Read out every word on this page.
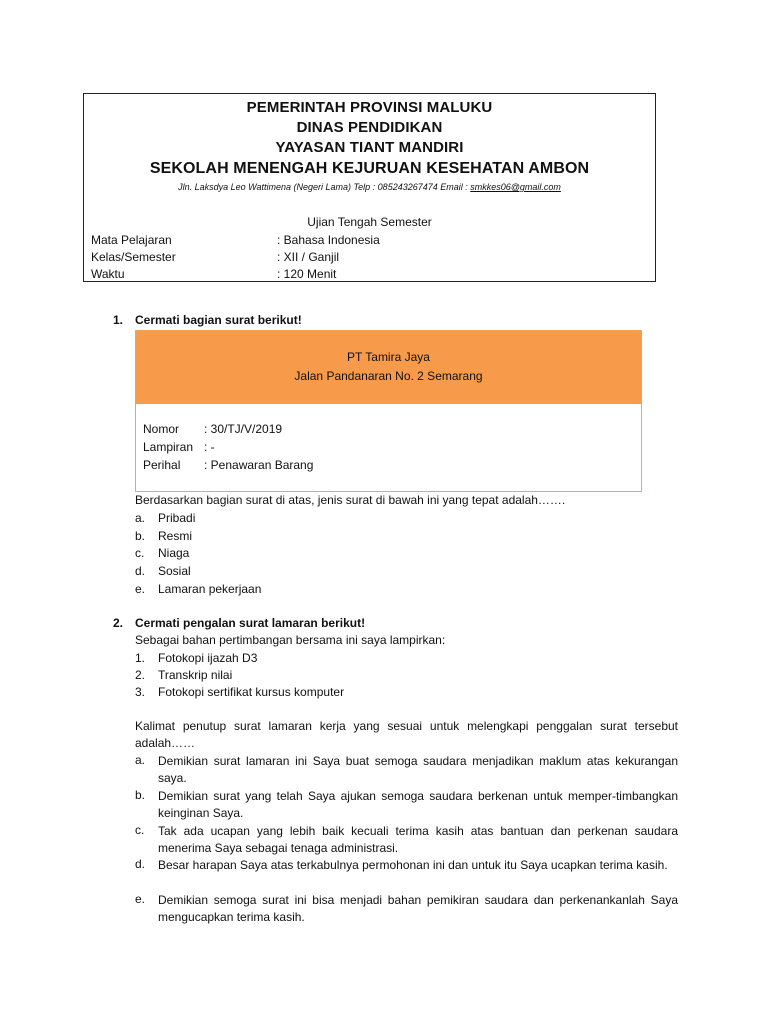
PEMERINTAH PROVINSI MALUKU
DINAS PENDIDIKAN
YAYASAN TIANT MANDIRI
SEKOLAH MENENGAH KEJURUAN KESEHATAN AMBON
Jln. Laksdya Leo Wattimena (Negeri Lama) Telp : 085243267474 Email : smkkes06@gmail.com
Ujian Tengah Semester
Mata Pelajaran	: Bahasa Indonesia
Kelas/Semester	: XII / Ganjil
Waktu	: 120 Menit
1. Cermati bagian surat berikut!
PT Tamira Jaya
Jalan Pandanaran No. 2 Semarang
Nomor : 30/TJ/V/2019
Lampiran : -
Perihal : Penawaran Barang
Berdasarkan bagian surat di atas, jenis surat di bawah ini yang tepat adalah…….
a. Pribadi
b. Resmi
c. Niaga
d. Sosial
e. Lamaran pekerjaan
2. Cermati pengalan surat lamaran berikut!
Sebagai bahan pertimbangan bersama ini saya lampirkan:
1. Fotokopi ijazah D3
2. Transkrip nilai
3. Fotokopi sertifikat kursus komputer
Kalimat penutup surat lamaran kerja yang sesuai untuk melengkapi penggalan surat tersebut adalah……
a. Demikian surat lamaran ini Saya buat semoga saudara menjadikan maklum atas kekurangan saya.
b. Demikian surat yang telah Saya ajukan semoga saudara berkenan untuk memper-timbangkan keinginan Saya.
c. Tak ada ucapan yang lebih baik kecuali terima kasih atas bantuan dan perkenan saudara menerima Saya sebagai tenaga administrasi.
d. Besar harapan Saya atas terkabulnya permohonan ini dan untuk itu Saya ucapkan terima kasih.
e. Demikian semoga surat ini bisa menjadi bahan pemikiran saudara dan perkenankanlah Saya mengucapkan terima kasih.
